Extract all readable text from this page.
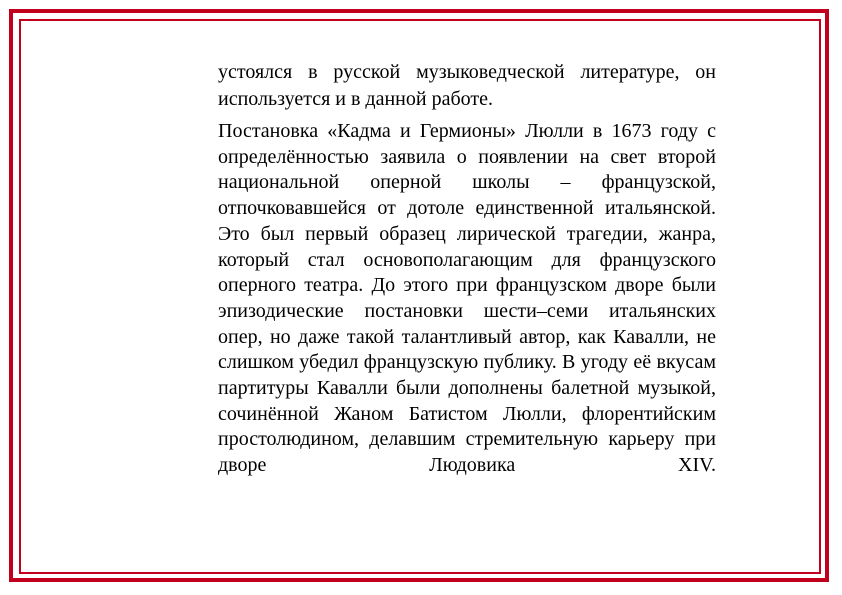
устоялся в русской музыковедческой литературе, он используется и в данной работе.

Постановка «Кадма и Гермионы» Люлли в 1673 году с определённостью заявила о появлении на свет второй национальной оперной школы – французской, отпочковавшейся от дотоле единственной итальянской. Это был первый образец лирической трагедии, жанра, который стал основополагающим для французского оперного театра. До этого при французском дворе были эпизодические постановки шести–семи итальянских опер, но даже такой талантливый автор, как Кавалли, не слишком убедил французскую публику. В угоду её вкусам партитуры Кавалли были дополнены балетной музыкой, сочинённой Жаном Батистом Люлли, флорентийским простолюдином, делавшим стремительную карьеру при дворе Людовика XIV.
